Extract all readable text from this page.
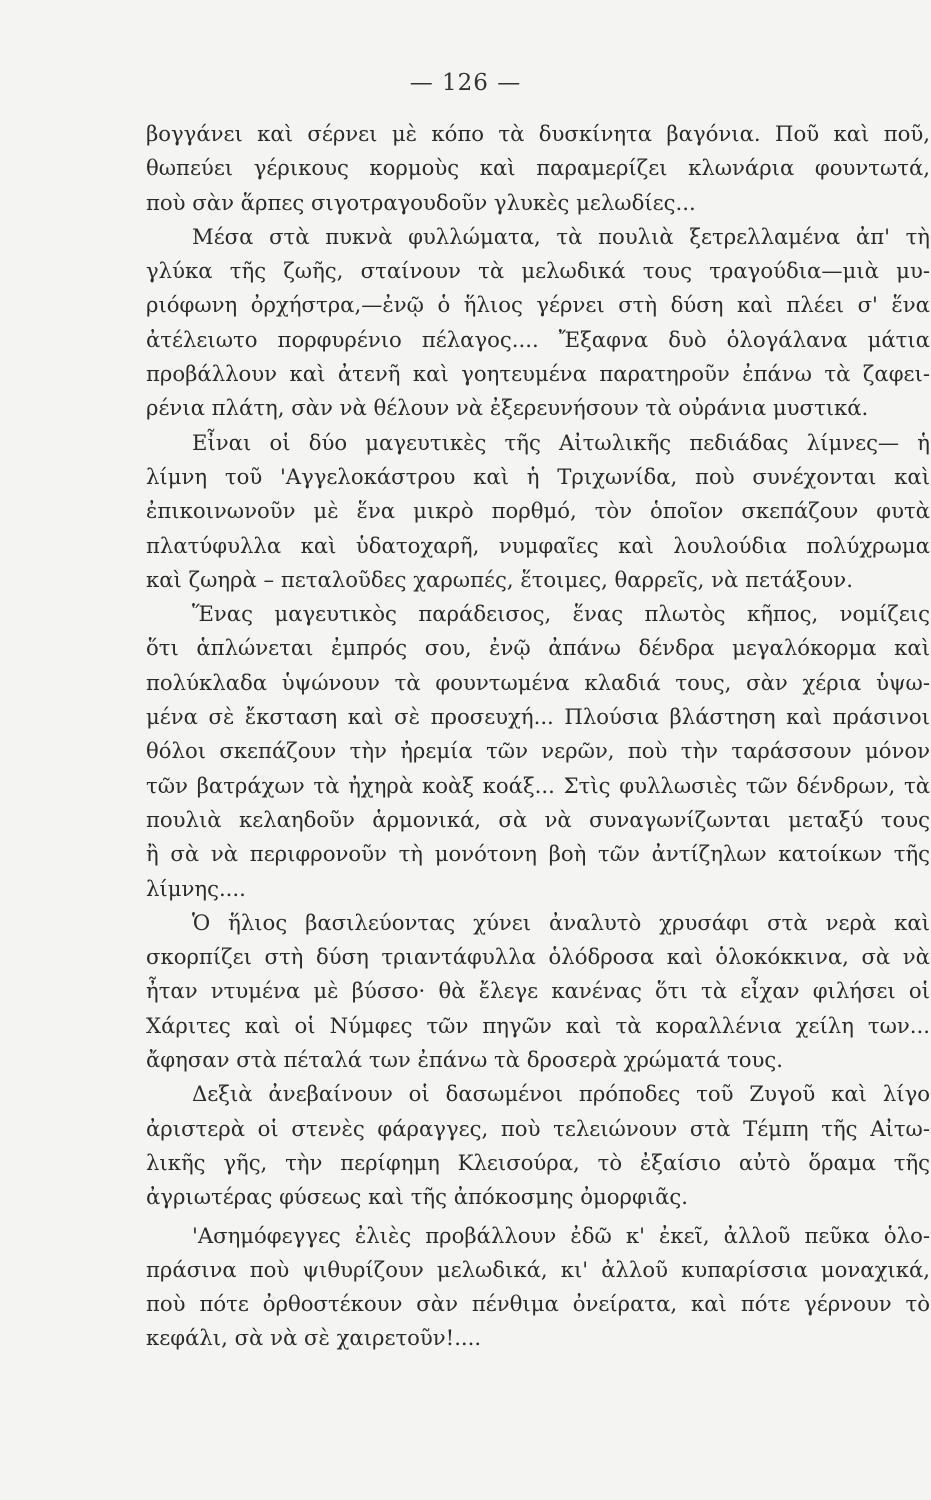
— 126 —
βογγάνει καὶ σέρνει μὲ κόπο τὰ δυσκίνητα βαγόνια. Ποῦ καὶ ποῦ,
θωπεύει γέρικους κορμοὺς καὶ παραμερίζει κλωνάρια φουντωτά,
ποὺ σὰν ἅρπες σιγοτραγουδοῦν γλυκὲς μελωδίες...
Μέσα στὰ πυκνὰ φυλλώματα, τὰ πουλιὰ ξετρελλαμένα ἀπ' τὴ
γλύκα τῆς ζωῆς, σταίνουν τὰ μελωδικά τους τραγούδια—μιὰ μυ-
ριόφωνη ὀρχήστρα,—ἐνῷ ὁ ἥλιος γέρνει στὴ δύση καὶ πλέει σ' ἕνα
ἀτέλειωτο πορφυρένιο πέλαγος.... Ἔξαφνα δυὸ ὁλογάλανα μάτια
προβάλλουν καὶ ἀτενῆ καὶ γοητευμένα παρατηροῦν ἐπάνω τὰ ζαφει-
ρένια πλάτη, σὰν νὰ θέλουν νὰ ἐξερευνήσουν τὰ οὐράνια μυστικά.
Εἶναι οἱ δύο μαγευτικὲς τῆς Αἰτωλικῆς πεδιάδας λίμνες— ἡ
λίμνη τοῦ 'Αγγελοκάστρου καὶ ἡ Τριχωνίδα, ποὺ συνέχονται καὶ
ἐπικοινωνοῦν μὲ ἕνα μικρὸ πορθμό, τὸν ὁποῖον σκεπάζουν φυτὰ
πλατύφυλλα καὶ ὑδατοχαρῆ, νυμφαῖες καὶ λουλούδια πολύχρωμα
καὶ ζωηρὰ – πεταλοῦδες χαρωπές, ἕτοιμες, θαρρεῖς, νὰ πετάξουν.
Ἕνας μαγευτικὸς παράδεισος, ἕνας πλωτὸς κῆπος, νομίζεις
ὅτι ἁπλώνεται ἐμπρός σου, ἐνῷ ἀπάνω δένδρα μεγαλόκορμα καὶ
πολύκλαδα ὑψώνουν τὰ φουντωμένα κλαδιά τους, σὰν χέρια ὑψω-
μένα σὲ ἔκσταση καὶ σὲ προσευχή... Πλούσια βλάστηση καὶ πράσινοι
θόλοι σκεπάζουν τὴν ἠρεμία τῶν νερῶν, ποὺ τὴν ταράσσουν μόνον
τῶν βατράχων τὰ ἠχηρὰ κοὰξ κοάξ... Στὶς φυλλωσιὲς τῶν δένδρων, τὰ
πουλιὰ κελαηδοῦν ἁρμονικά, σὰ νὰ συναγωνίζωνται μεταξύ τους
ἢ σὰ νὰ περιφρονοῦν τὴ μονότονη βοὴ τῶν ἀντίζηλων κατοίκων τῆς
λίμνης....
Ὁ ἥλιος βασιλεύοντας χύνει ἀναλυτὸ χρυσάφι στὰ νερὰ καὶ
σκορπίζει στὴ δύση τριαντάφυλλα ὁλόδροσα καὶ ὁλοκόκκινα, σὰ νὰ
ἦταν ντυμένα μὲ βύσσο· θὰ ἔλεγε κανένας ὅτι τὰ εἶχαν φιλήσει οἱ
Χάριτες καὶ οἱ Νύμφες τῶν πηγῶν καὶ τὰ κοραλλένια χείλη των...
ἄφησαν στὰ πέταλά των ἐπάνω τὰ δροσερὰ χρώματά τους.
Δεξιὰ ἀνεβαίνουν οἱ δασωμένοι πρόποδες τοῦ Ζυγοῦ καὶ λίγο
ἀριστερὰ οἱ στενὲς φάραγγες, ποὺ τελειώνουν στὰ Τέμπη τῆς Αἰτω-
λικῆς γῆς, τὴν περίφημη Κλεισούρα, τὸ ἐξαίσιο αὐτὸ ὅραμα τῆς
ἀγριωτέρας φύσεως καὶ τῆς ἀπόκοσμης ὀμορφιᾶς.
'Ασημόφεγγες ἐλιὲς προβάλλουν ἐδῶ κ' ἐκεῖ, ἀλλοῦ πεῦκα ὁλο-
πράσινα ποὺ ψιθυρίζουν μελωδικά, κι' ἀλλοῦ κυπαρίσσια μοναχικά,
ποὺ πότε ὀρθοστέκουν σὰν πένθιμα ὀνείρατα, καὶ πότε γέρνουν τὸ
κεφάλι, σὰ νὰ σὲ χαιρετοῦν!....
